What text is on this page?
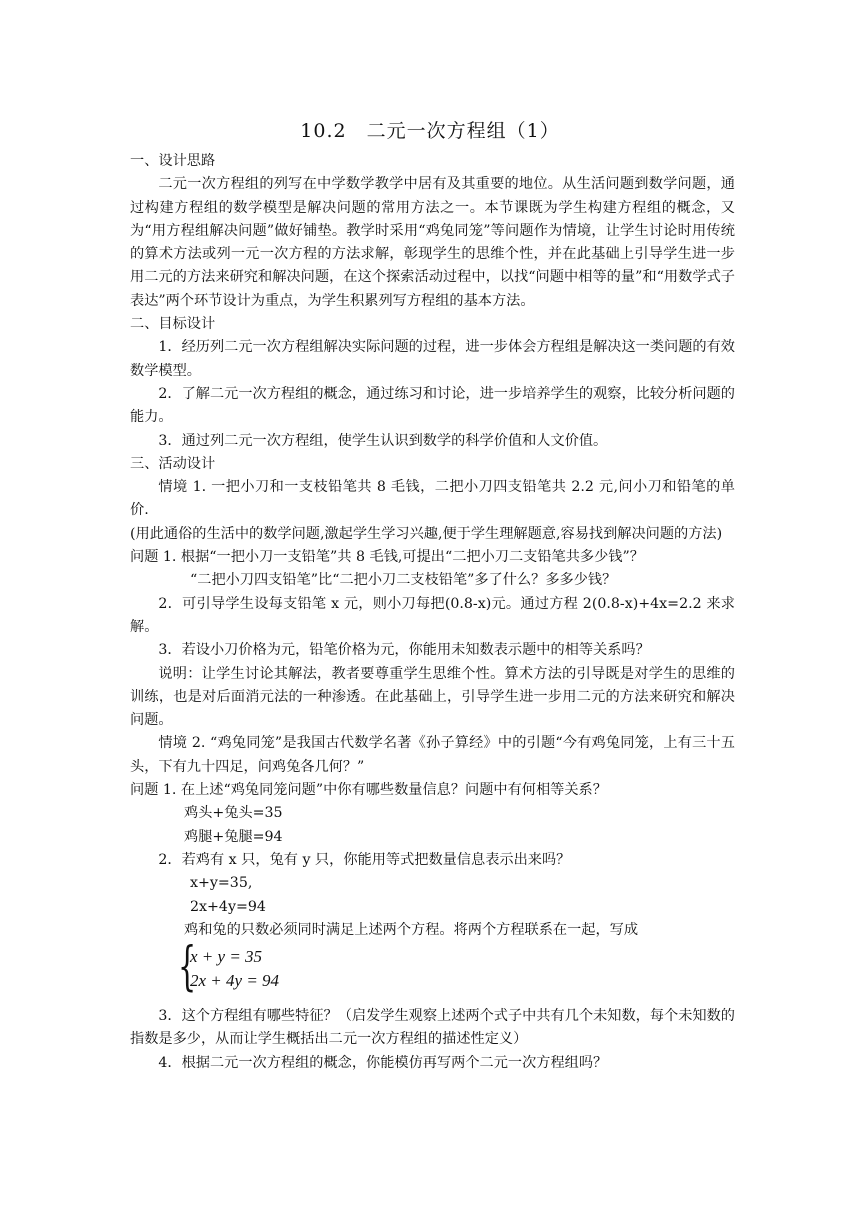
10.2　二元一次方程组（1）

一、设计思路

二元一次方程组的列写在中学数学教学中居有及其重要的地位。从生活问题到数学问题，通过构建方程组的数学模型是解决问题的常用方法之一。本节课既为学生构建方程组的概念，又为“用方程组解决问题”做好铺垫。教学时采用“鸡兔同笼”等问题作为情境，让学生讨论时用传统的算术方法或列一元一次方程的方法求解，彰现学生的思维个性，并在此基础上引导学生进一步用二元的方法来研究和解决问题，在这个探索活动过程中，以找“问题中相等的量”和“用数学式子表达”两个环节设计为重点，为学生积累列写方程组的基本方法。

二、目标设计

1．经历列二元一次方程组解决实际问题的过程，进一步体会方程组是解决这一类问题的有效数学模型。

2．了解二元一次方程组的概念，通过练习和讨论，进一步培养学生的观察，比较分析问题的能力。

3．通过列二元一次方程组，使学生认识到数学的科学价值和人文价值。

三、活动设计

情境 1. 一把小刀和一支枝铅笔共 8 毛钱，二把小刀四支铅笔共 2.2 元,问小刀和铅笔的单价.

(用此通俗的生活中的数学问题,激起学生学习兴趣,便于学生理解题意,容易找到解决问题的方法)

问题 1. 根据“一把小刀一支铅笔”共 8 毛钱,可提出“二把小刀二支铅笔共多少钱”？

“二把小刀四支铅笔”比“二把小刀二支枝铅笔”多了什么？多多少钱？

2．可引导学生设每支铅笔 x 元，则小刀每把(0.8-x)元。通过方程 2(0.8-x)+4x=2.2 来求解。

3．若设小刀价格为元，铅笔价格为元，你能用未知数表示题中的相等关系吗？

说明：让学生讨论其解法，教者要尊重学生思维个性。算术方法的引导既是对学生的思维的训练，也是对后面消元法的一种渗透。在此基础上，引导学生进一步用二元的方法来研究和解决问题。

情境 2. “鸡兔同笼”是我国古代数学名著《孙子算经》中的引题“今有鸡兔同笼，上有三十五头，下有九十四足，问鸡兔各几何？”

问题 1. 在上述“鸡兔同笼问题”中你有哪些数量信息？问题中有何相等关系？

鸡头+兔头=35

鸡腿+兔腿=94

2．若鸡有 x 只，兔有 y 只，你能用等式把数量信息表示出来吗？

x+y=35,

2x+4y=94

鸡和兔的只数必须同时满足上述两个方程。将两个方程联系在一起，写成

{
x + y = 35
2x + 4y = 94

3．这个方程组有哪些特征？（启发学生观察上述两个式子中共有几个未知数，每个未知数的指数是多少，从而让学生概括出二元一次方程组的描述性定义）

4．根据二元一次方程组的概念，你能模仿再写两个二元一次方程组吗？
